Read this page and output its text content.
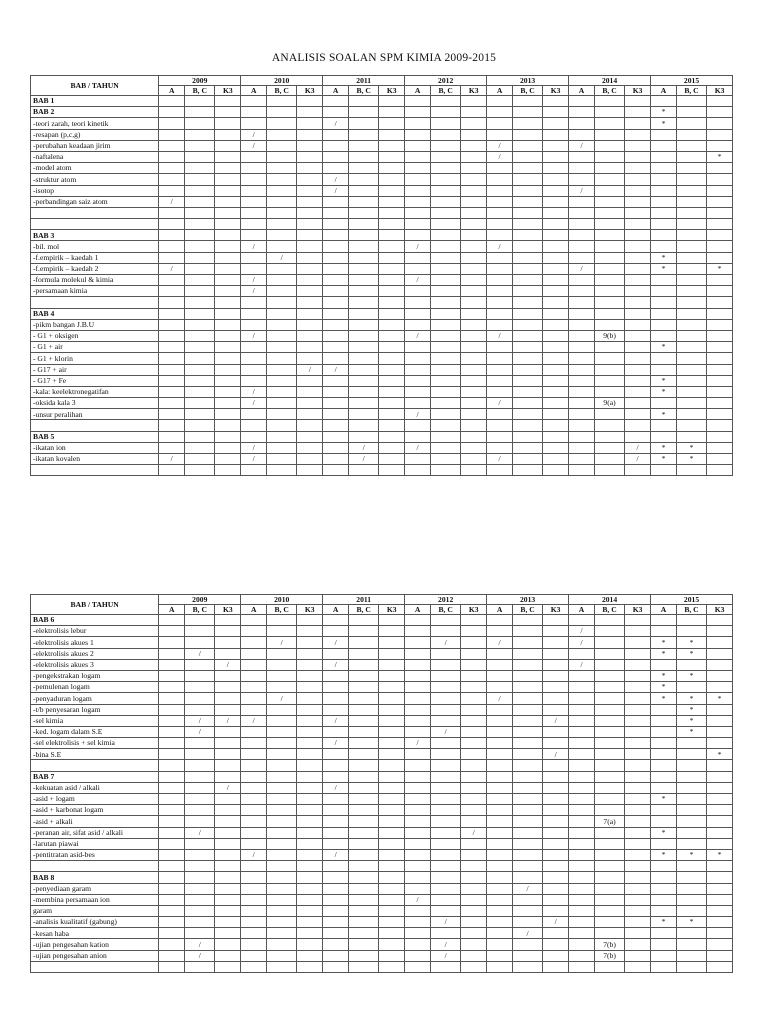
ANALISIS SOALAN SPM KIMIA 2009-2015
BAB / TAHUN	2009			2010			2011			2012			2013			2014			2015		
	A	B, C	K3	A	B, C	K3	A	B, C	K3	A	B, C	K3	A	B, C	K3	A	B, C	K3	A	B, C	K3
BAB 1																					
BAB 2																			*		
-teori zarah, teori kinetik							/												*		
-resapan (p,c,g)				/																	
-perubahan keadaan jirim				/									/			/					
-naftalena													/								*
-model atom																					
-struktur atom							/														
-isotop							/									/					
-perbandingan saiz atom	/																				

BAB 3																					
-bil. mol				/						/			/								
-f.empirik – kaedah 1					/														*		
-f.empirik – kaedah 2	/															/			*		*
-formula molekul & kimia				/						/											
-persamaan kimia				/																	

BAB 4																					
-pikm bangan J.B.U																					
- G1 + oksigen				/						/			/				9(b)				
- G1 + air																			*		
- G1 + klorin																					
- G17 + air						/	/														
- G17 + Fe																			*		
-kala: keelektronegatifan				/															*		
-oksida kala 3				/									/				9(a)				
-unsur peralihan										/									*		

BAB 5																					
-ikatan ion				/				/		/								/	*	*	
-ikatan kovalen	/			/				/					/					/	*	*	

BAB / TAHUN	2009			2010			2011			2012			2013			2014			2015		
	A	B, C	K3	A	B, C	K3	A	B, C	K3	A	B, C	K3	A	B, C	K3	A	B, C	K3	A	B, C	K3
BAB 6																					
-elektrolisis lebur																/					
-elektrolisis akues 1					/		/				/		/			/			*	*	
-elektrolisis akues 2		/																	*	*	
-elektrolisis akues 3			/				/									/					
-pengekstrakan logam																			*	*	
-pemulenan logam																			*		
-penyaduran logam					/								/						*	*	*
-t/b penyesaran logam																				*	
-sel kimia		/	/	/			/								/					*	
-ked. logam dalam S.E		/									/									*	
-sel elektrolisis + sel kimia							/			/											
-bina S.E															/						*

BAB 7																					
-kekuatan asid / alkali			/				/														
-asid + logam																			*		
-asid + karbonat logam																					
-asid + alkali																	7(a)				
-peranan air, sifat asid / alkali		/										/							*		
-larutan piawai																					
-pentitratan asid-bes				/			/												*	*	*

BAB 8																					
-penyediaan garam														/							
-membina persamaan ion										/											
garam																					
-analisis kualitatif (gabung)											/				/				*	*	
-kesan haba														/							
-ujian pengesahan kation		/									/						7(b)				
-ujian pengesahan anion		/									/						7(b)				
